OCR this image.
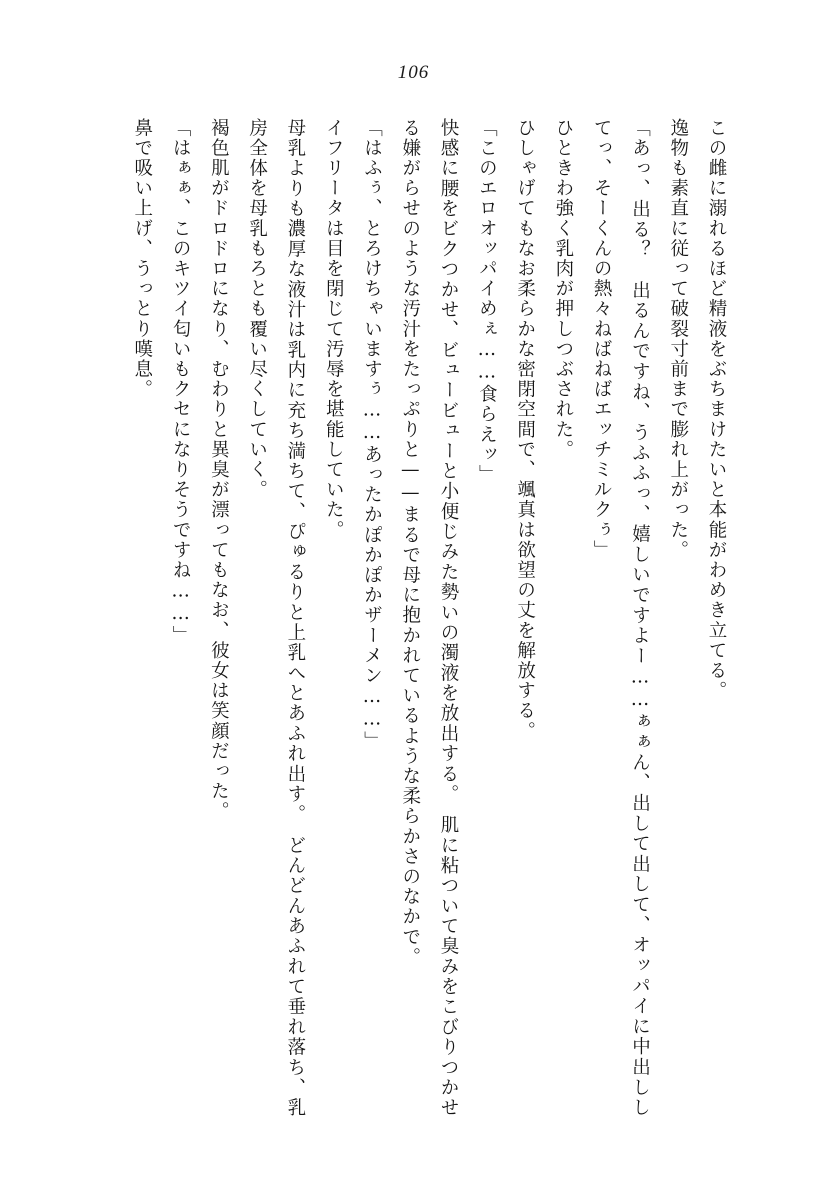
106

この雌に溺れるほど精液をぶちまけたいと本能がわめき立てる。

逸物も素直に従って破裂寸前まで膨れ上がった。

「あっ、出る？　出るんですね、うふふっ、嬉しいですよー……ぁぁん、出して出して、オッパイに中出ししてっ、そーくんの熱々ねばねばエッチミルクぅ」

ひときわ強く乳肉が押しつぶされた。

ひしゃげてもなお柔らかな密閉空間で、颯真は欲望の丈を解放する。

「このエロオッパイめぇ……食らえッ」

快感に腰をビクつかせ、ビュービューと小便じみた勢いの濁液を放出する。　肌に粘ついて臭みをこびりつかせる嫌がらせのような汚汁をたっぷりと——まるで母に抱かれているような柔らかさのなかで。

「はふぅ、とろけちゃいますぅ……あったかぽかぽかザーメン……」

イフリータは目を閉じて汚辱を堪能していた。

母乳よりも濃厚な液汁は乳内に充ち満ちて、ぴゅるりと上乳へとあふれ出す。　どんどんあふれて垂れ落ち、乳房全体を母乳もろとも覆い尽くしていく。

褐色肌がドロドロになり、むわりと異臭が漂ってもなお、彼女は笑顔だった。

「はぁぁ、このキツイ匂いもクセになりそうですね……」

鼻で吸い上げ、うっとり嘆息。
